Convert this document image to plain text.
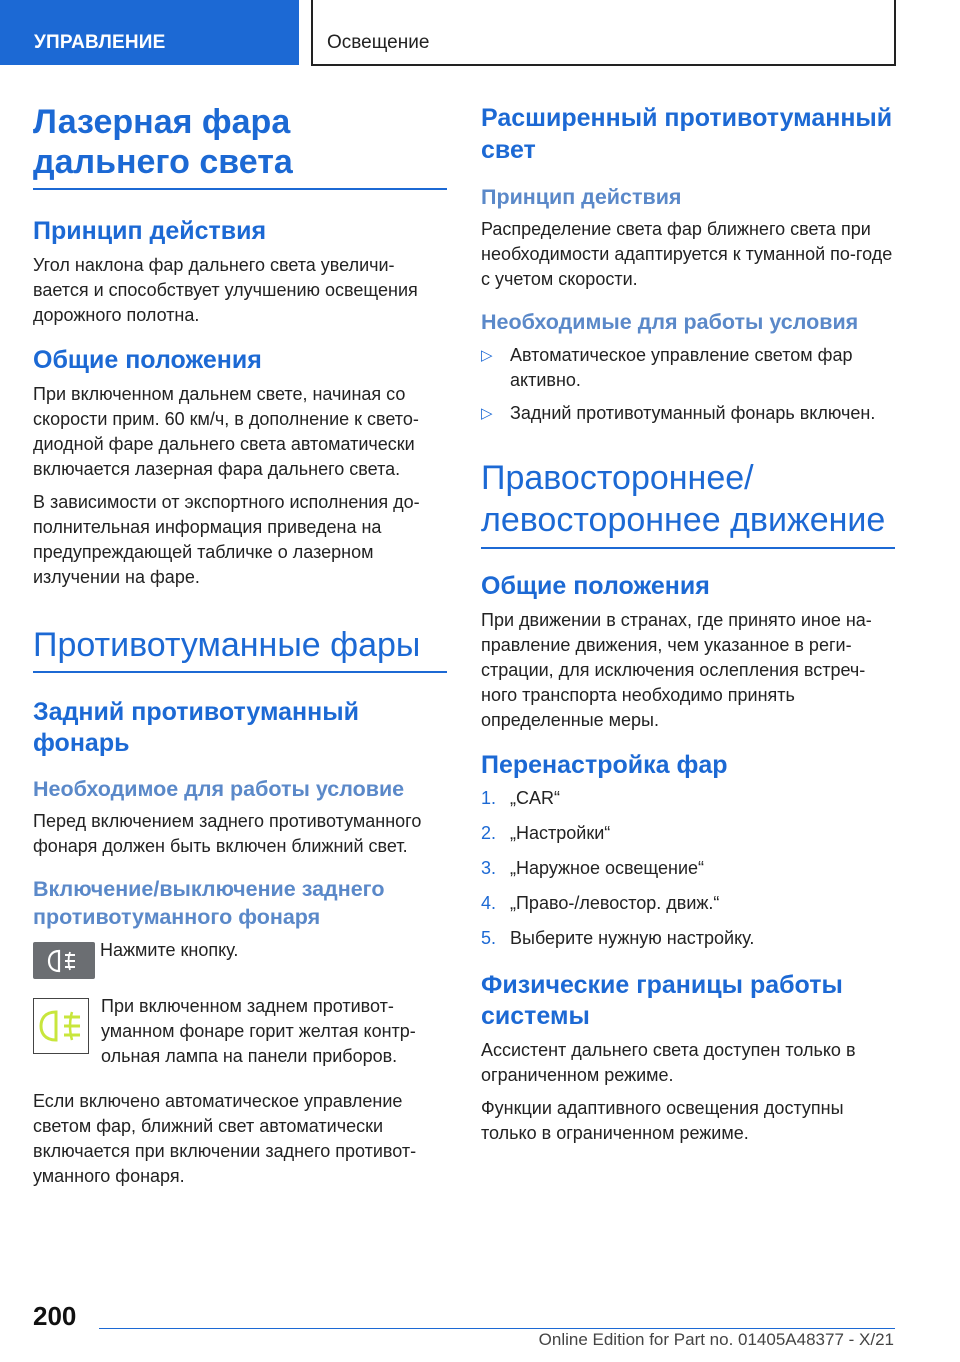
УПРАВЛЕНИЕ	Освещение
Лазерная фара дальнего света
Принцип действия
Угол наклона фар дальнего света увеличи-вается и способствует улучшению освещения дорожного полотна.
Общие положения
При включенном дальнем свете, начиная со скорости прим. 60 км/ч, в дополнение к свето-диодной фаре дальнего света автоматически включается лазерная фара дальнего света.
В зависимости от экспортного исполнения до-полнительная информация приведена на предупреждающей табличке о лазерном излучении на фаре.
Противотуманные фары
Задний противотуманный фонарь
Необходимое для работы условие
Перед включением заднего противотуманного фонаря должен быть включен ближний свет.
Включение/выключение заднего противотуманного фонаря
Нажмите кнопку.
При включенном заднем противот-уманном фонаре горит желтая контр-ольная лампа на панели приборов.
Если включено автоматическое управление светом фар, ближний свет автоматически включается при включении заднего противот-уманного фонаря.
Расширенный противотуманный свет
Принцип действия
Распределение света фар ближнего света при необходимости адаптируется к туманной по-годе с учетом скорости.
Необходимые для работы условия
▷ Автоматическое управление светом фар активно.
▷ Задний противотуманный фонарь включен.
Правостороннее/левостороннее движение
Общие положения
При движении в странах, где принято иное на-правление движения, чем указанное в реги-страции, для исключения ослепления встреч-ного транспорта необходимо принять определенные меры.
Перенастройка фар
1. „CAR“
2. „Настройки“
3. „Наружное освещение“
4. „Право-/левостор. движ.“
5. Выберите нужную настройку.
Физические границы работы системы
Ассистент дальнего света доступен только в ограниченном режиме.
Функции адаптивного освещения доступны только в ограниченном режиме.
200
Online Edition for Part no. 01405A48377 - X/21
